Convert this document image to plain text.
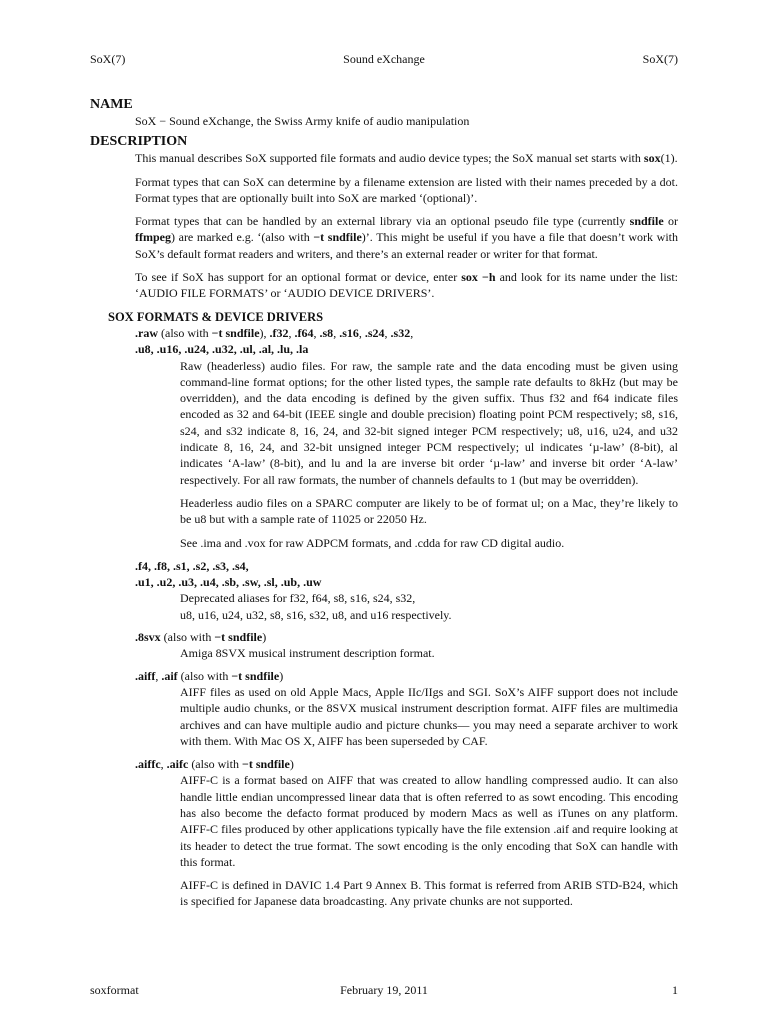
SoX(7)	Sound eXchange	SoX(7)
NAME

SoX − Sound eXchange, the Swiss Army knife of audio manipulation

DESCRIPTION

This manual describes SoX supported file formats and audio device types; the SoX manual set starts with sox(1).

Format types that can SoX can determine by a filename extension are listed with their names preceded by a dot. Format types that are optionally built into SoX are marked ‘(optional)’.

Format types that can be handled by an external library via an optional pseudo file type (currently sndfile or ffmpeg) are marked e.g. ‘(also with −t sndfile)’. This might be useful if you have a file that doesn’t work with SoX’s default format readers and writers, and there’s an external reader or writer for that format.

To see if SoX has support for an optional format or device, enter sox −h and look for its name under the list: ‘AUDIO FILE FORMATS’ or ‘AUDIO DEVICE DRIVERS’.

SOX FORMATS & DEVICE DRIVERS
.raw (also with −t sndfile), .f32, .f64, .s8, .s16, .s24, .s32,
.u8, .u16, .u24, .u32, .ul, .al, .lu, .la

Raw (headerless) audio files. For raw, the sample rate and the data encoding must be given using command-line format options; for the other listed types, the sample rate defaults to 8kHz (but may be overridden), and the data encoding is defined by the given suffix. Thus f32 and f64 indicate files encoded as 32 and 64-bit (IEEE single and double precision) floating point PCM respectively; s8, s16, s24, and s32 indicate 8, 16, 24, and 32-bit signed integer PCM respectively; u8, u16, u24, and u32 indicate 8, 16, 24, and 32-bit unsigned integer PCM respectively; ul indicates ‘µ-law’ (8-bit), al indicates ‘A-law’ (8-bit), and lu and la are inverse bit order ‘µ-law’ and inverse bit order ‘A-law’ respectively. For all raw formats, the number of channels defaults to 1 (but may be overridden).

Headerless audio files on a SPARC computer are likely to be of format ul; on a Mac, they’re likely to be u8 but with a sample rate of 11025 or 22050 Hz.

See .ima and .vox for raw ADPCM formats, and .cdda for raw CD digital audio.

.f4, .f8, .s1, .s2, .s3, .s4,
.u1, .u2, .u3, .u4, .sb, .sw, .sl, .ub, .uw
Deprecated aliases for f32, f64, s8, s16, s24, s32,
u8, u16, u24, u32, s8, s16, s32, u8, and u16 respectively.
.8svx (also with −t sndfile)
Amiga 8SVX musical instrument description format.
.aiff, .aif (also with −t sndfile)

AIFF files as used on old Apple Macs, Apple IIc/IIgs and SGI. SoX’s AIFF support does not include multiple audio chunks, or the 8SVX musical instrument description format. AIFF files are multimedia archives and can have multiple audio and picture chunks— you may need a separate archiver to work with them. With Mac OS X, AIFF has been superseded by CAF.

.aiffc, .aifc (also with −t sndfile)

AIFF-C is a format based on AIFF that was created to allow handling compressed audio. It can also handle little endian uncompressed linear data that is often referred to as sowt encoding. This encoding has also become the defacto format produced by modern Macs as well as iTunes on any platform. AIFF-C files produced by other applications typically have the file extension .aif and require looking at its header to detect the true format. The sowt encoding is the only encoding that SoX can handle with this format.

AIFF-C is defined in DAVIC 1.4 Part 9 Annex B. This format is referred from ARIB STD-B24, which is specified for Japanese data broadcasting. Any private chunks are not supported.

soxformat	February 19, 2011	1
